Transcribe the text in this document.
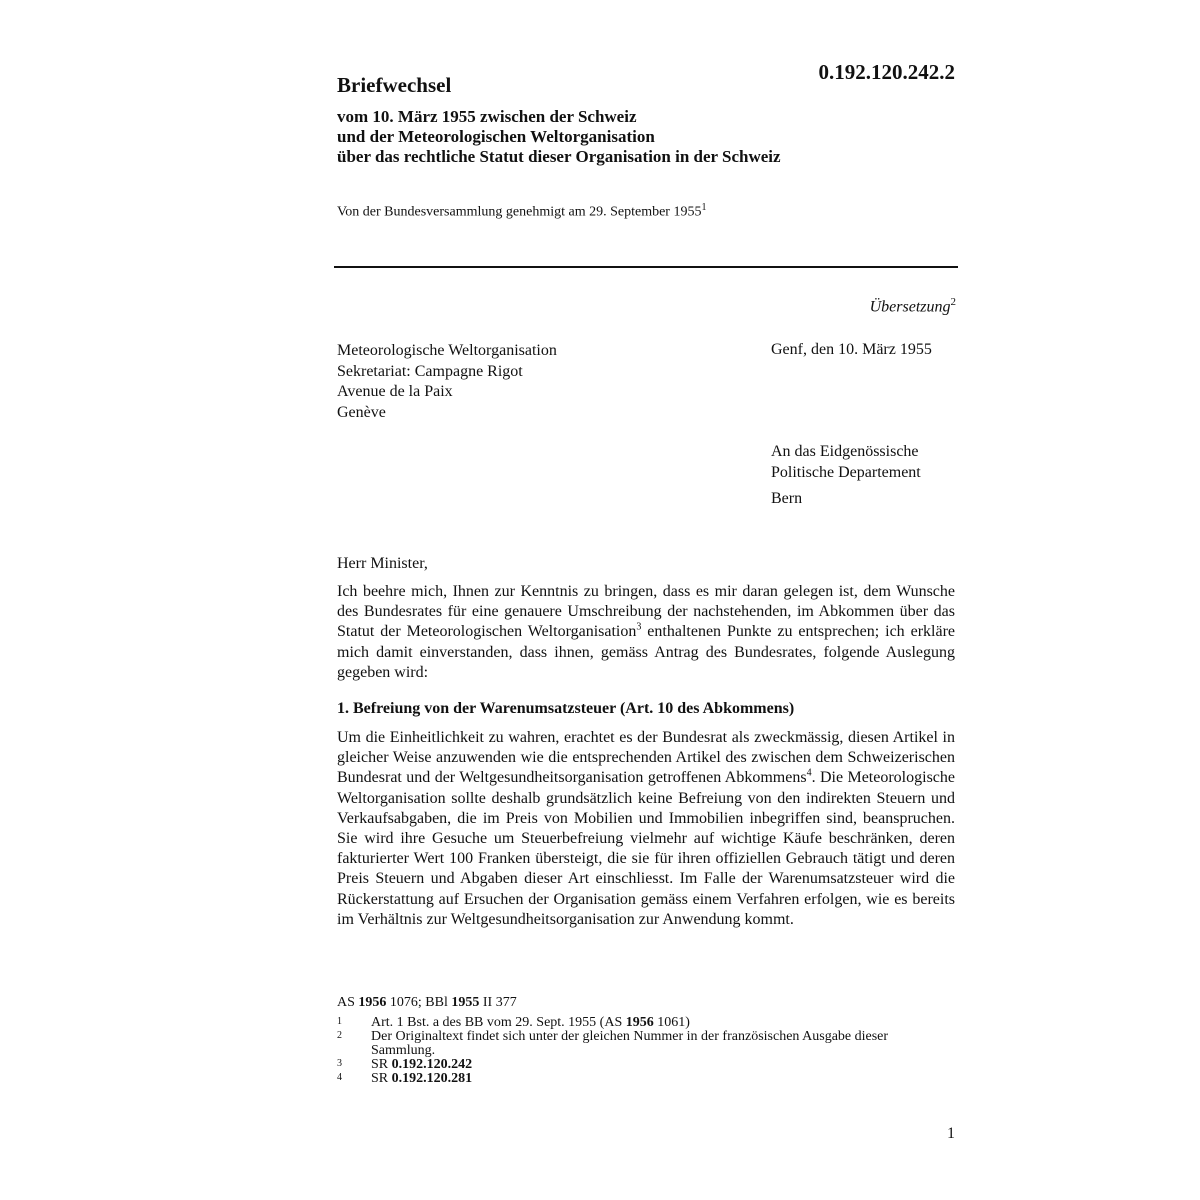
0.192.120.242.2
Briefwechsel
vom 10. März 1955 zwischen der Schweiz
und der Meteorologischen Weltorganisation
über das rechtliche Statut dieser Organisation in der Schweiz
Von der Bundesversammlung genehmigt am 29. September 1955$^1$
Übersetzung$^2$
Meteorologische Weltorganisation
Sekretariat: Campagne Rigot
Avenue de la Paix
Genève
Genf, den 10. März 1955
An das Eidgenössische
Politische Departement
Bern
Herr Minister,
Ich beehre mich, Ihnen zur Kenntnis zu bringen, dass es mir daran gelegen ist, dem Wunsche des Bundesrates für eine genauere Umschreibung der nachstehenden, im Abkommen über das Statut der Meteorologischen Weltorganisation$^3$ enthaltenen Punkte zu entsprechen; ich erkläre mich damit einverstanden, dass ihnen, gemäss Antrag des Bundesrates, folgende Auslegung gegeben wird:
1. Befreiung von der Warenumsatzsteuer (Art. 10 des Abkommens)
Um die Einheitlichkeit zu wahren, erachtet es der Bundesrat als zweckmässig, diesen Artikel in gleicher Weise anzuwenden wie die entsprechenden Artikel des zwischen dem Schweizerischen Bundesrat und der Weltgesundheitsorganisation getroffenen Abkommens$^4$. Die Meteorologische Weltorganisation sollte deshalb grundsätzlich keine Befreiung von den indirekten Steuern und Verkaufsabgaben, die im Preis von Mobilien und Immobilien inbegriffen sind, beanspruchen. Sie wird ihre Gesuche um Steuerbefreiung vielmehr auf wichtige Käufe beschränken, deren fakturierter Wert 100 Franken übersteigt, die sie für ihren offiziellen Gebrauch tätigt und deren Preis Steuern und Abgaben dieser Art einschliesst. Im Falle der Warenumsatzsteuer wird die Rückerstattung auf Ersuchen der Organisation gemäss einem Verfahren erfolgen, wie es bereits im Verhältnis zur Weltgesundheitsorganisation zur Anwendung kommt.
AS 1956 1076; BBl 1955 II 377
1	Art. 1 Bst. a des BB vom 29. Sept. 1955 (AS 1956 1061)
2	Der Originaltext findet sich unter der gleichen Nummer in der französischen Ausgabe dieser Sammlung.
3	SR 0.192.120.242
4	SR 0.192.120.281
1
